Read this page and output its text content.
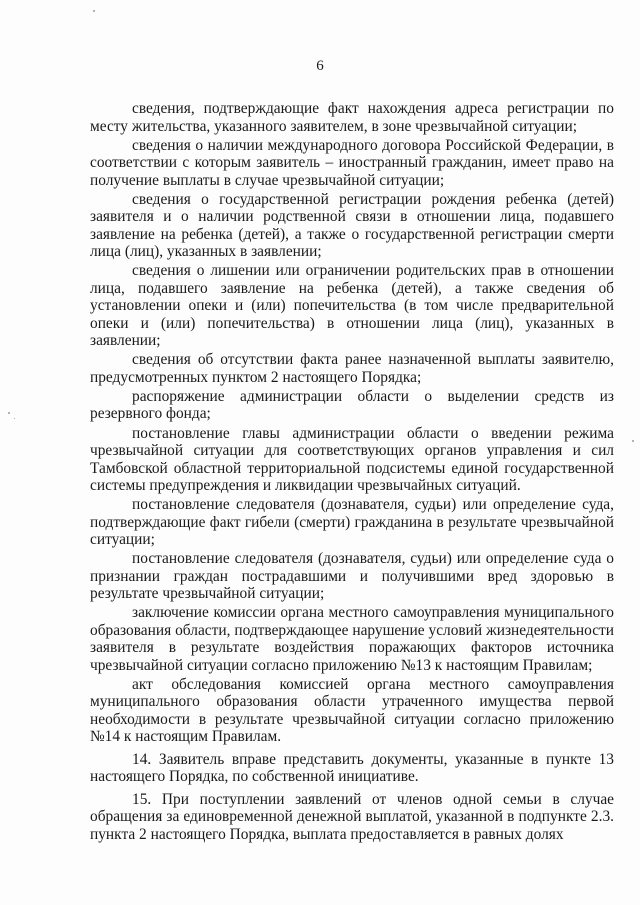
6

сведения, подтверждающие факт нахождения адреса регистрации по месту жительства, указанного заявителем, в зоне чрезвычайной ситуации;

сведения о наличии международного договора Российской Федерации, в соответствии с которым заявитель – иностранный гражданин, имеет право на получение выплаты в случае чрезвычайной ситуации;

сведения о государственной регистрации рождения ребенка (детей) заявителя и о наличии родственной связи в отношении лица, подавшего заявление на ребенка (детей), а также о государственной регистрации смерти лица (лиц), указанных в заявлении;

сведения о лишении или ограничении родительских прав в отношении лица, подавшего заявление на ребенка (детей), а также сведения об установлении опеки и (или) попечительства (в том числе предварительной опеки и (или) попечительства) в отношении лица (лиц), указанных в заявлении;

сведения об отсутствии факта ранее назначенной выплаты заявителю, предусмотренных пунктом 2 настоящего Порядка;

распоряжение администрации области о выделении средств из резервного фонда;

постановление главы администрации области о введении режима чрезвычайной ситуации для соответствующих органов управления и сил Тамбовской областной территориальной подсистемы единой государственной системы предупреждения и ликвидации чрезвычайных ситуаций.

постановление следователя (дознавателя, судьи) или определение суда, подтверждающие факт гибели (смерти) гражданина в результате чрезвычайной ситуации;

постановление следователя (дознавателя, судьи) или определение суда о признании граждан пострадавшими и получившими вред здоровью в результате чрезвычайной ситуации;

заключение комиссии органа местного самоуправления муниципального образования области, подтверждающее нарушение условий жизнедеятельности заявителя в результате воздействия поражающих факторов источника чрезвычайной ситуации согласно приложению №13 к настоящим Правилам;

акт обследования комиссией органа местного самоуправления муниципального образования области утраченного имущества первой необходимости в результате чрезвычайной ситуации согласно приложению №14 к настоящим Правилам.

14. Заявитель вправе представить документы, указанные в пункте 13 настоящего Порядка, по собственной инициативе.

15. При поступлении заявлений от членов одной семьи в случае обращения за единовременной денежной выплатой, указанной в подпункте 2.3. пункта 2 настоящего Порядка, выплата предоставляется в равных долях
